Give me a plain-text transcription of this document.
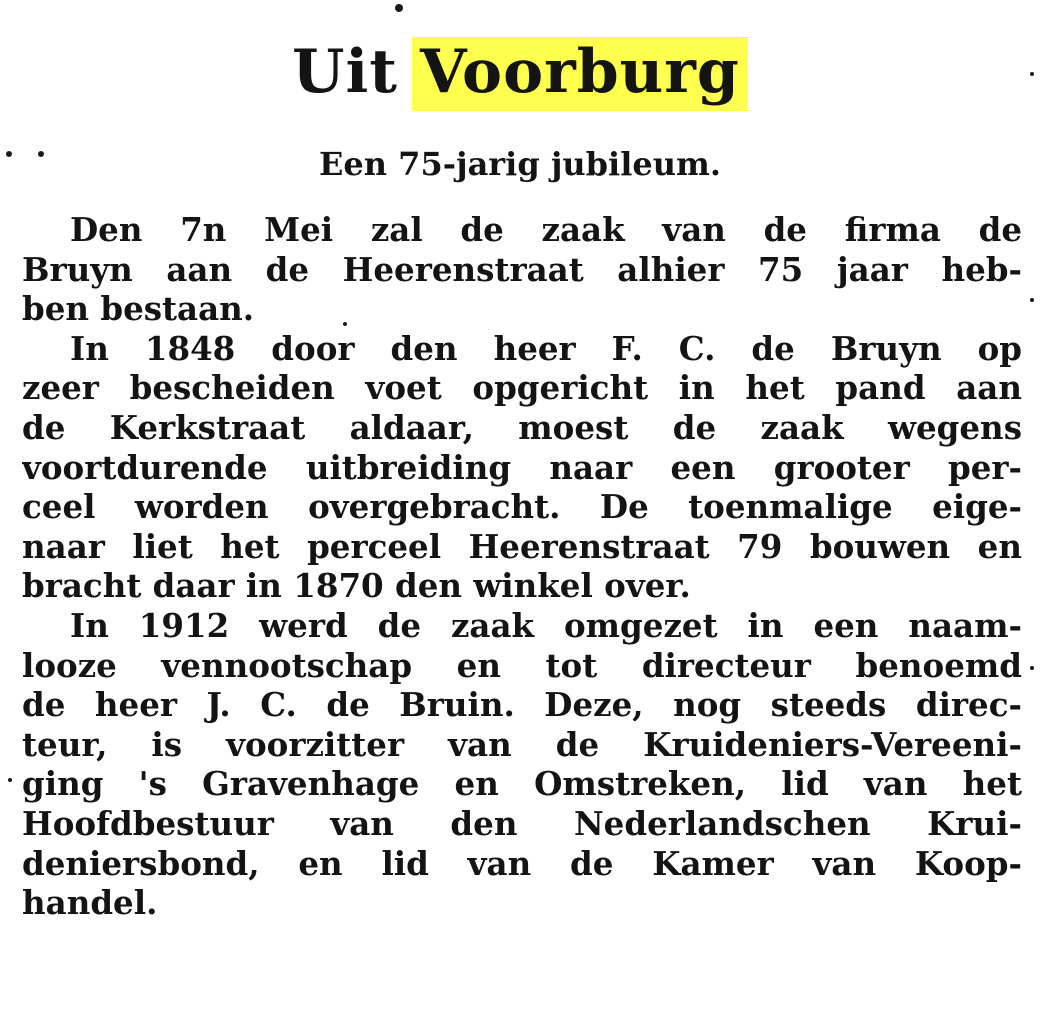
Uit Voorburg
Een 75-jarig jubileum.
Den 7n Mei zal de zaak van de firma de
Bruyn aan de Heerenstraat alhier 75 jaar heb-
ben bestaan.
In 1848 door den heer F. C. de Bruyn op
zeer bescheiden voet opgericht in het pand aan
de Kerkstraat aldaar, moest de zaak wegens
voortdurende uitbreiding naar een grooter per-
ceel worden overgebracht. De toenmalige eige-
naar liet het perceel Heerenstraat 79 bouwen en
bracht daar in 1870 den winkel over.
In 1912 werd de zaak omgezet in een naam-
looze vennootschap en tot directeur benoemd
de heer J. C. de Bruin. Deze, nog steeds direc-
teur, is voorzitter van de Kruideniers-Vereeni-
ging 's Gravenhage en Omstreken, lid van het
Hoofdbestuur van den Nederlandschen Krui-
deniersbond, en lid van de Kamer van Koop-
handel.
